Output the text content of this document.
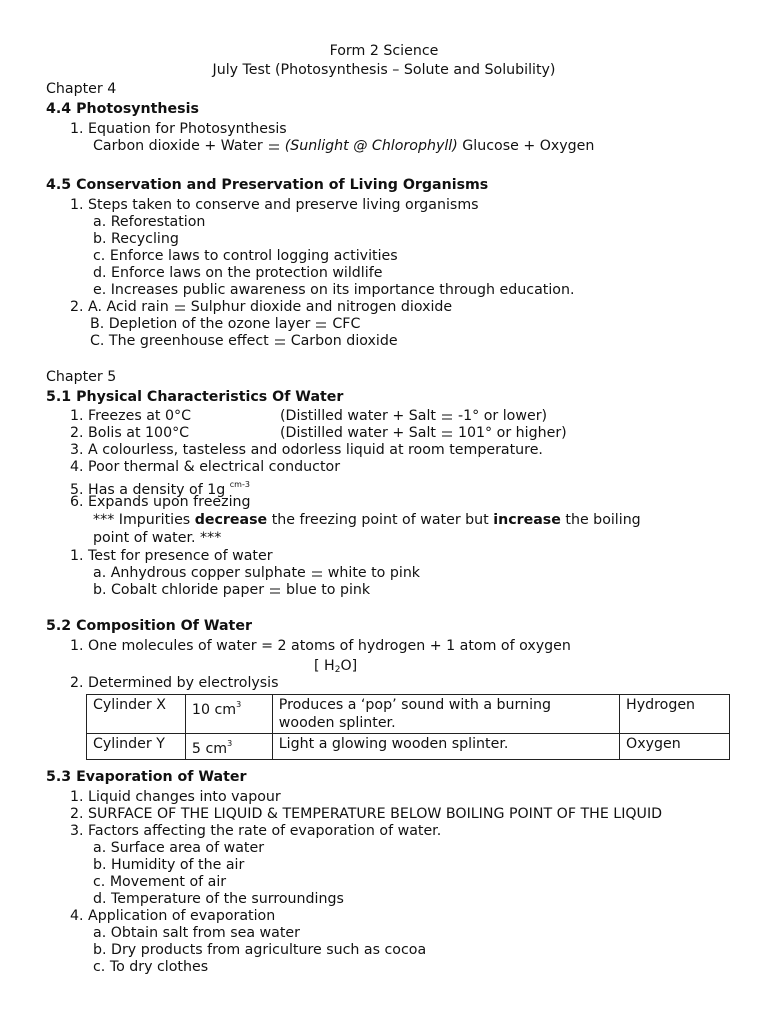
Form 2 Science
July Test (Photosynthesis – Solute and Solubility)
Chapter 4
4.4 Photosynthesis
1. Equation for Photosynthesis
Carbon dioxide + Water (Sunlight @ Chlorophyll) Glucose + Oxygen
4.5 Conservation and Preservation of Living Organisms
1. Steps taken to conserve and preserve living organisms
a. Reforestation
b. Recycling
c. Enforce laws to control logging activities
d. Enforce laws on the protection wildlife
e. Increases public awareness on its importance through education.
2. A. Acid rain Sulphur dioxide and nitrogen dioxide
B. Depletion of the ozone layer CFC
C. The greenhouse effect Carbon dioxide
Chapter 5
5.1 Physical Characteristics Of Water
1. Freezes at 0°C	(Distilled water + Salt -1° or lower)
2. Bolis at 100°C	(Distilled water + Salt 101° or higher)
3. A colourless, tasteless and odorless liquid at room temperature.
4. Poor thermal & electrical conductor
5. Has a density of 1g $^{cm-3}$
6. Expands upon freezing
*** Impurities decrease the freezing point of water but increase the boiling
point of water. ***
1. Test for presence of water
a. Anhydrous copper sulphate white to pink
b. Cobalt chloride paper blue to pink
5.2 Composition Of Water
1. One molecules of water = 2 atoms of hydrogen + 1 atom of oxygen
[ $H_2O$]
2. Determined by electrolysis
Cylinder X	10 $cm^3$	Produces a ‘pop’ sound with a burning
wooden splinter.	Hydrogen
Cylinder Y	5 $cm^3$	Light a glowing wooden splinter.	Oxygen
5.3 Evaporation of Water
1. Liquid changes into vapour
2. SURFACE OF THE LIQUID & TEMPERATURE BELOW BOILING POINT OF THE LIQUID
3. Factors affecting the rate of evaporation of water.
a. Surface area of water
b. Humidity of the air
c. Movement of air
d. Temperature of the surroundings
4. Application of evaporation
a. Obtain salt from sea water
b. Dry products from agriculture such as cocoa
c. To dry clothes
